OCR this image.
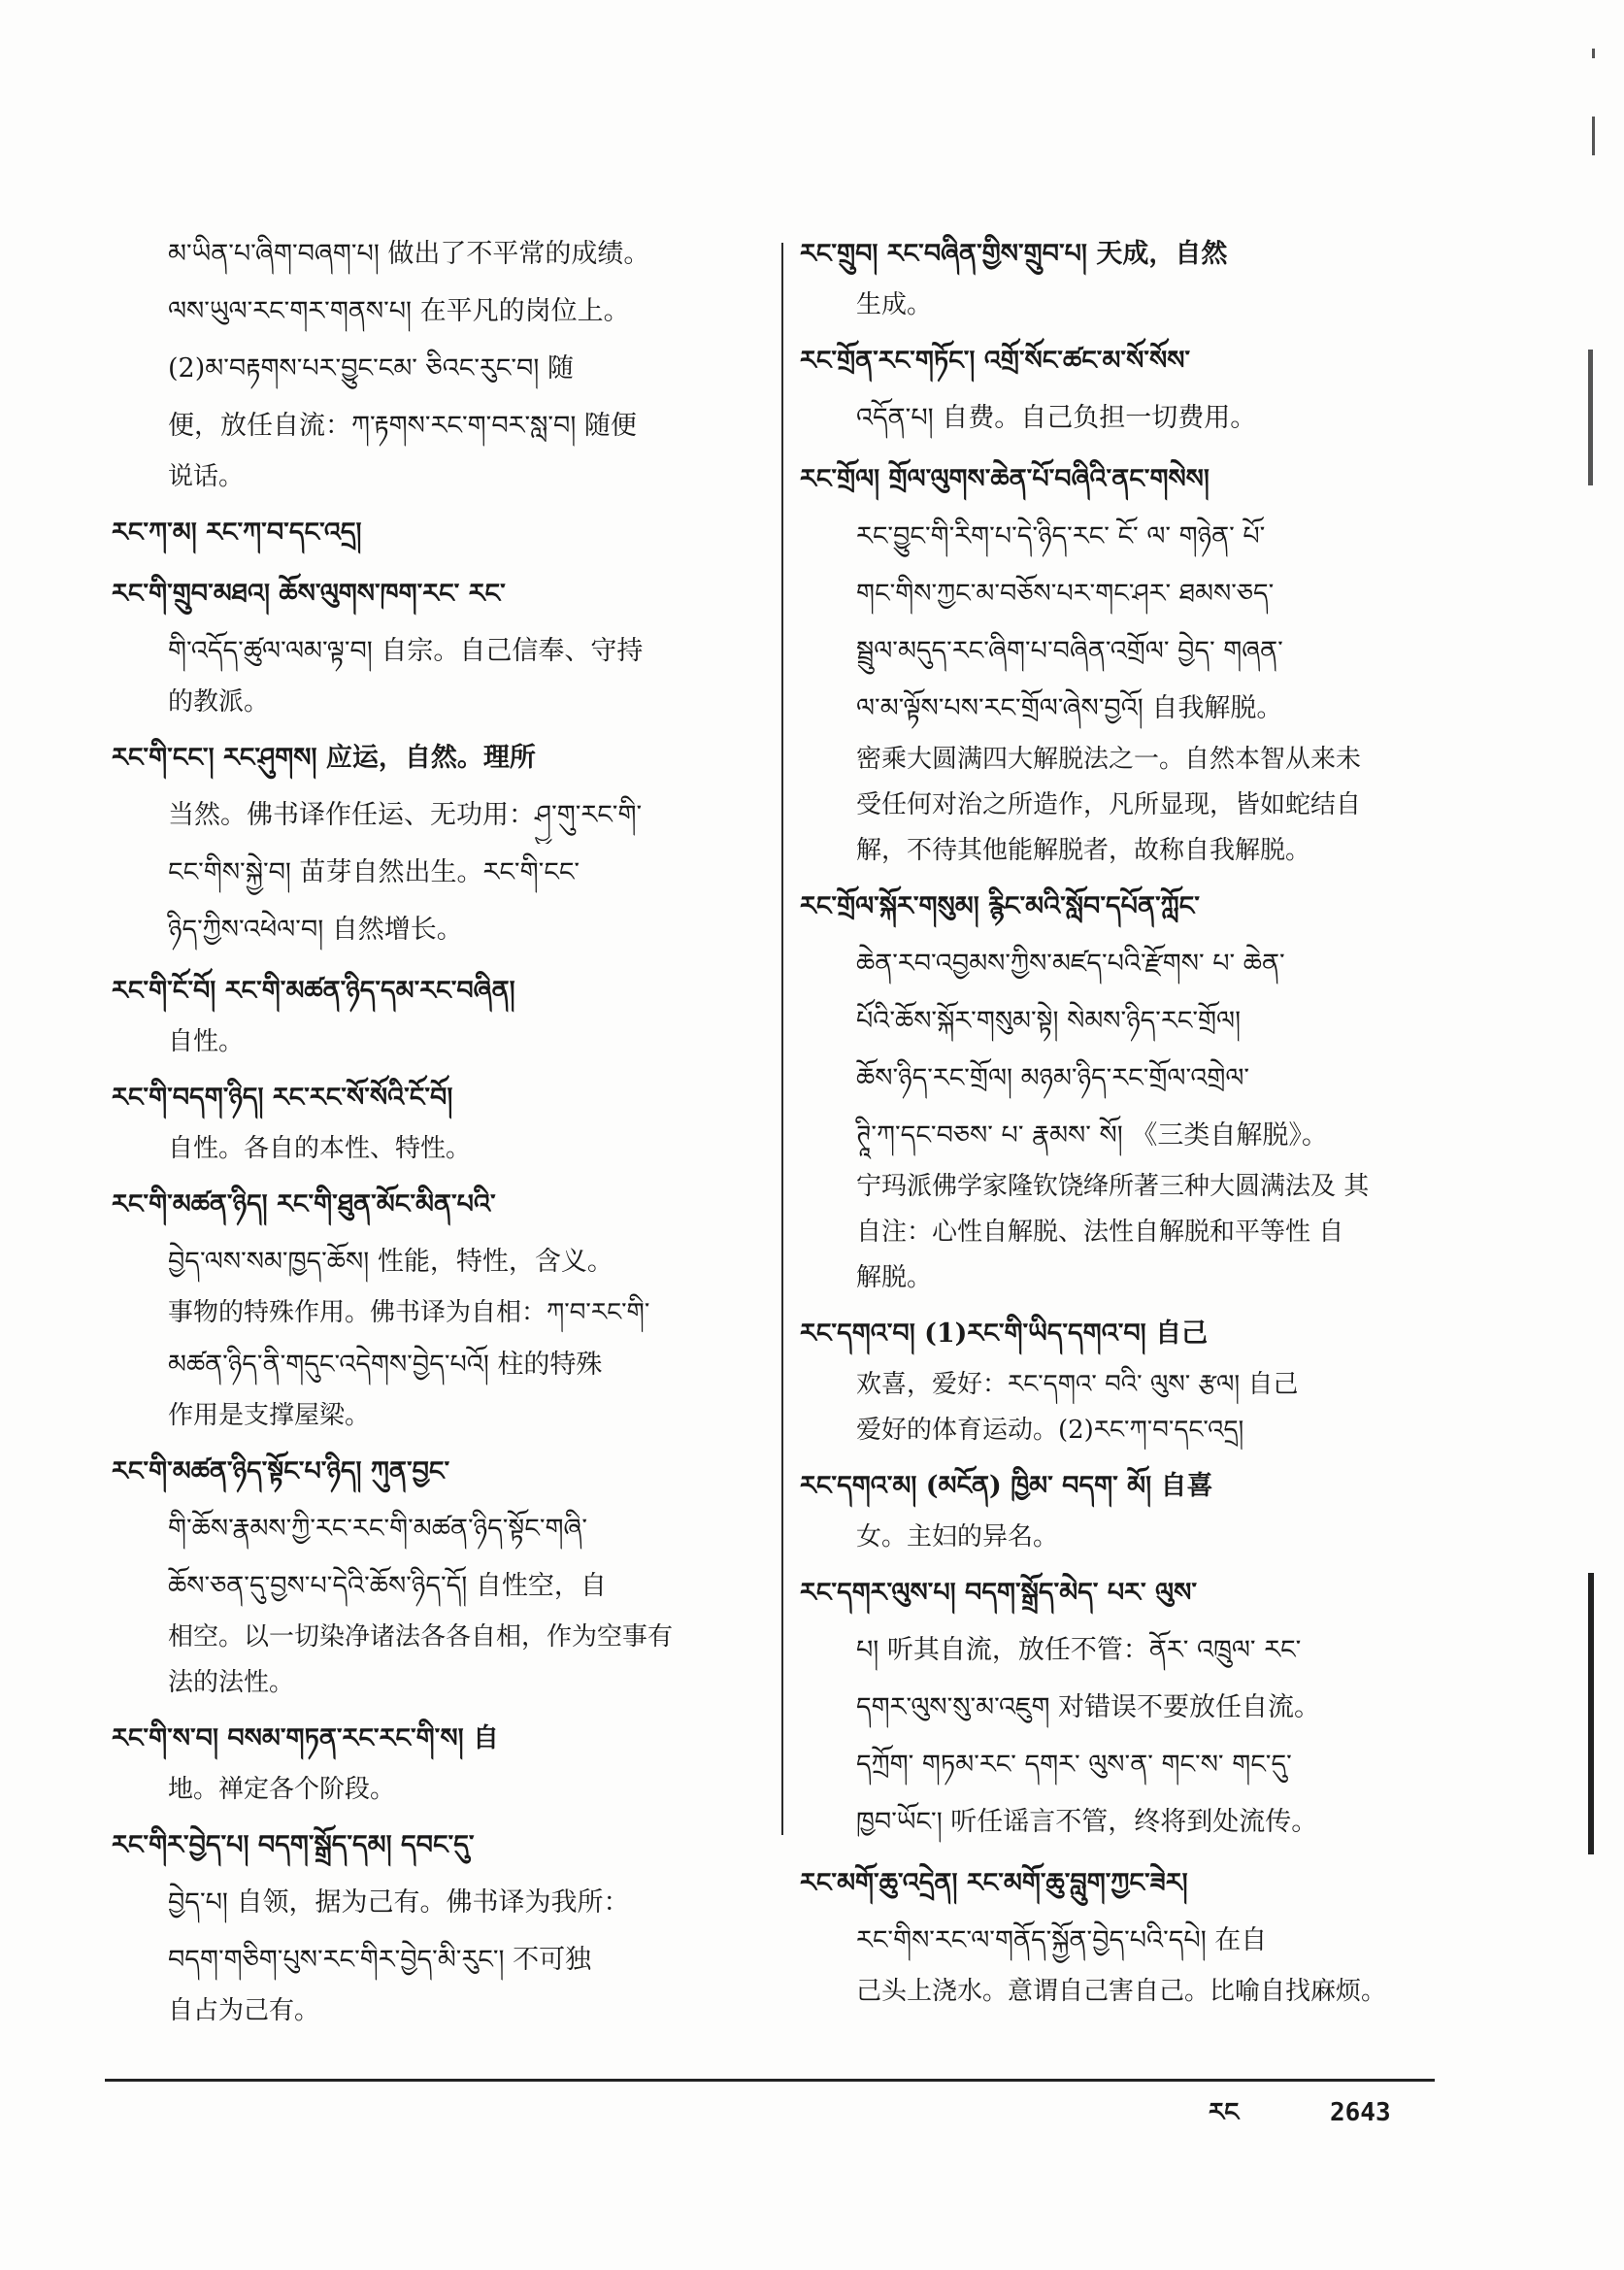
མ་ཡིན་པ་ཞིག་བཞག་པ། 做出了不平常的成绩。
ལས་ཡུལ་རང་གར་གནས་པ། 在平凡的岗位上。
(2)མ་བརྟགས་པར་བྱུང་ངམ་ ཅིའང་རུང་བ། 随
便，放任自流：ཀ་རྟགས་རང་ག་བར་སླ་བ། 随便
说话。
རང་ཀ་མ། རང་ཀ་བ་དང་འདྲ།
རང་གི་གྲུབ་མཐའ། ཆོས་ལུགས་ཁག་རང་ རང་
གི་འདོད་ཚུལ་ལམ་ལྟ་བ། 自宗。自己信奉、守持
的教派。
རང་གི་ངང་། རང་ཤུགས། 应运，自然。理所
当然。佛书译作任运、无功用：ཤྱུ་གུ་རང་གི་
ངང་གིས་སྐྱེ་བ། 苗芽自然出生。རང་གི་ངང་
ཉིད་ཀྱིས་འཕེལ་བ། 自然增长。
རང་གི་ངོ་བོ། རང་གི་མཚན་ཉིད་དམ་རང་བཞིན།
自性。
རང་གི་བདག་ཉིད། རང་རང་སོ་སོའི་ངོ་བོ།
自性。各自的本性、特性。
རང་གི་མཚན་ཉིད། རང་གི་ཐུན་མོང་མིན་པའི་
བྱེད་ལས་སམ་ཁྱད་ཆོས། 性能，特性，含义。
事物的特殊作用。佛书译为自相：ཀ་བ་རང་གི་
མཚན་ཉིད་ནི་གདུང་འདེགས་བྱེད་པའོ། 柱的特殊
作用是支撑屋梁。
རང་གི་མཚན་ཉིད་སྟོང་པ་ཉིད། ཀུན་བྱང་
གི་ཆོས་རྣམས་ཀྱི་རང་རང་གི་མཚན་ཉིད་སྟོང་གཞི་
ཆོས་ཅན་དུ་བྱས་པ་དེའི་ཆོས་ཉིད་དོ། 自性空，自
相空。以一切染净诸法各各自相，作为空事有
法的法性。
རང་གི་ས་བ། བསམ་གཏན་རང་རང་གི་ས། 自
地。禅定各个阶段。
རང་གིར་བྱེད་པ། བདག་སྒྲོད་དམ། དབང་དུ་
བྱེད་པ། 自领，据为己有。佛书译为我所：
བདག་གཅིག་པུས་རང་གིར་བྱེད་མི་རུང་། 不可独
自占为己有。
རང་གྲུབ། རང་བཞིན་གྱིས་གྲུབ་པ། 天成，自然
生成。
རང་གྲོན་རང་གཏོང་། འགྲོ་སོང་ཚང་མ་སོ་སོས་
འདོན་པ། 自费。自己负担一切费用。
རང་གྲོལ། གྲོལ་ལུགས་ཆེན་པོ་བཞིའི་ནང་གསེས།
རང་བྱུང་གི་རིག་པ་དེ་ཉིད་རང་ ངོ་ ལ་ གཉེན་ པོ་
གང་གིས་ཀྱང་མ་བཅོས་པར་གང་ཤར་ ཐམས་ཅད་
སྦྲུལ་མདུད་རང་ཞིག་པ་བཞིན་འགྲོལ་ བྱེད་ གཞན་
ལ་མ་ལྟོས་པས་རང་གྲོལ་ཞེས་བྱའོ། 自我解脱。
密乘大圆满四大解脱法之一。自然本智从来未
受任何对治之所造作，凡所显现，皆如蛇结自
解，不待其他能解脱者，故称自我解脱。
རང་གྲོལ་སྐོར་གསུམ། རྙིང་མའི་སློབ་དཔོན་ཀློང་
ཆེན་རབ་འབྱམས་ཀྱིས་མཛད་པའི་རྫོགས་ པ་ ཆེན་
པོའི་ཆོས་སྐོར་གསུམ་སྟེ། སེམས་ཉིད་རང་གྲོལ།
ཆོས་ཉིད་རང་གྲོལ། མཉམ་ཉིད་རང་གྲོལ་འགྲེལ་
ཊཱི་ཀ་དང་བཅས་ པ་ རྣམས་ སོ། 《三类自解脱》。
宁玛派佛学家隆钦饶绛所著三种大圆满法及 其
自注：心性自解脱、法性自解脱和平等性 自
解脱。
རང་དགའ་བ། (1)རང་གི་ཡིད་དགའ་བ། 自己
欢喜，爱好：རང་དགའ་ བའི་ ལུས་ རྩལ། 自己
爱好的体育运动。(2)རང་ཀ་བ་དང་འདྲ།
རང་དགའ་མ། (མངོན) ཁྱིམ་ བདག་ མོ། 自喜
女。主妇的异名。
རང་དགར་ལུས་པ། བདག་སྒྲོད་མེད་ པར་ ལུས་
པ། 听其自流，放任不管：ནོར་ འཁྲུལ་ རང་
དགར་ལུས་སུ་མ་འཇུག 对错误不要放任自流。
དཀྲོག་ གཏམ་རང་ དགར་ ལུས་ན་ གང་ས་ གང་དུ་
ཁྱབ་ཡོང་། 听任谣言不管，终将到处流传。
རང་མགོ་ཆུ་འདྲེན། རང་མགོ་ཆུ་བླུག་ཀྱང་ཟེར།
རང་གིས་རང་ལ་གནོད་སྐྱོན་བྱེད་པའི་དཔེ། 在自
己头上浇水。意谓自己害自己。比喻自找麻烦。
རང	2643
